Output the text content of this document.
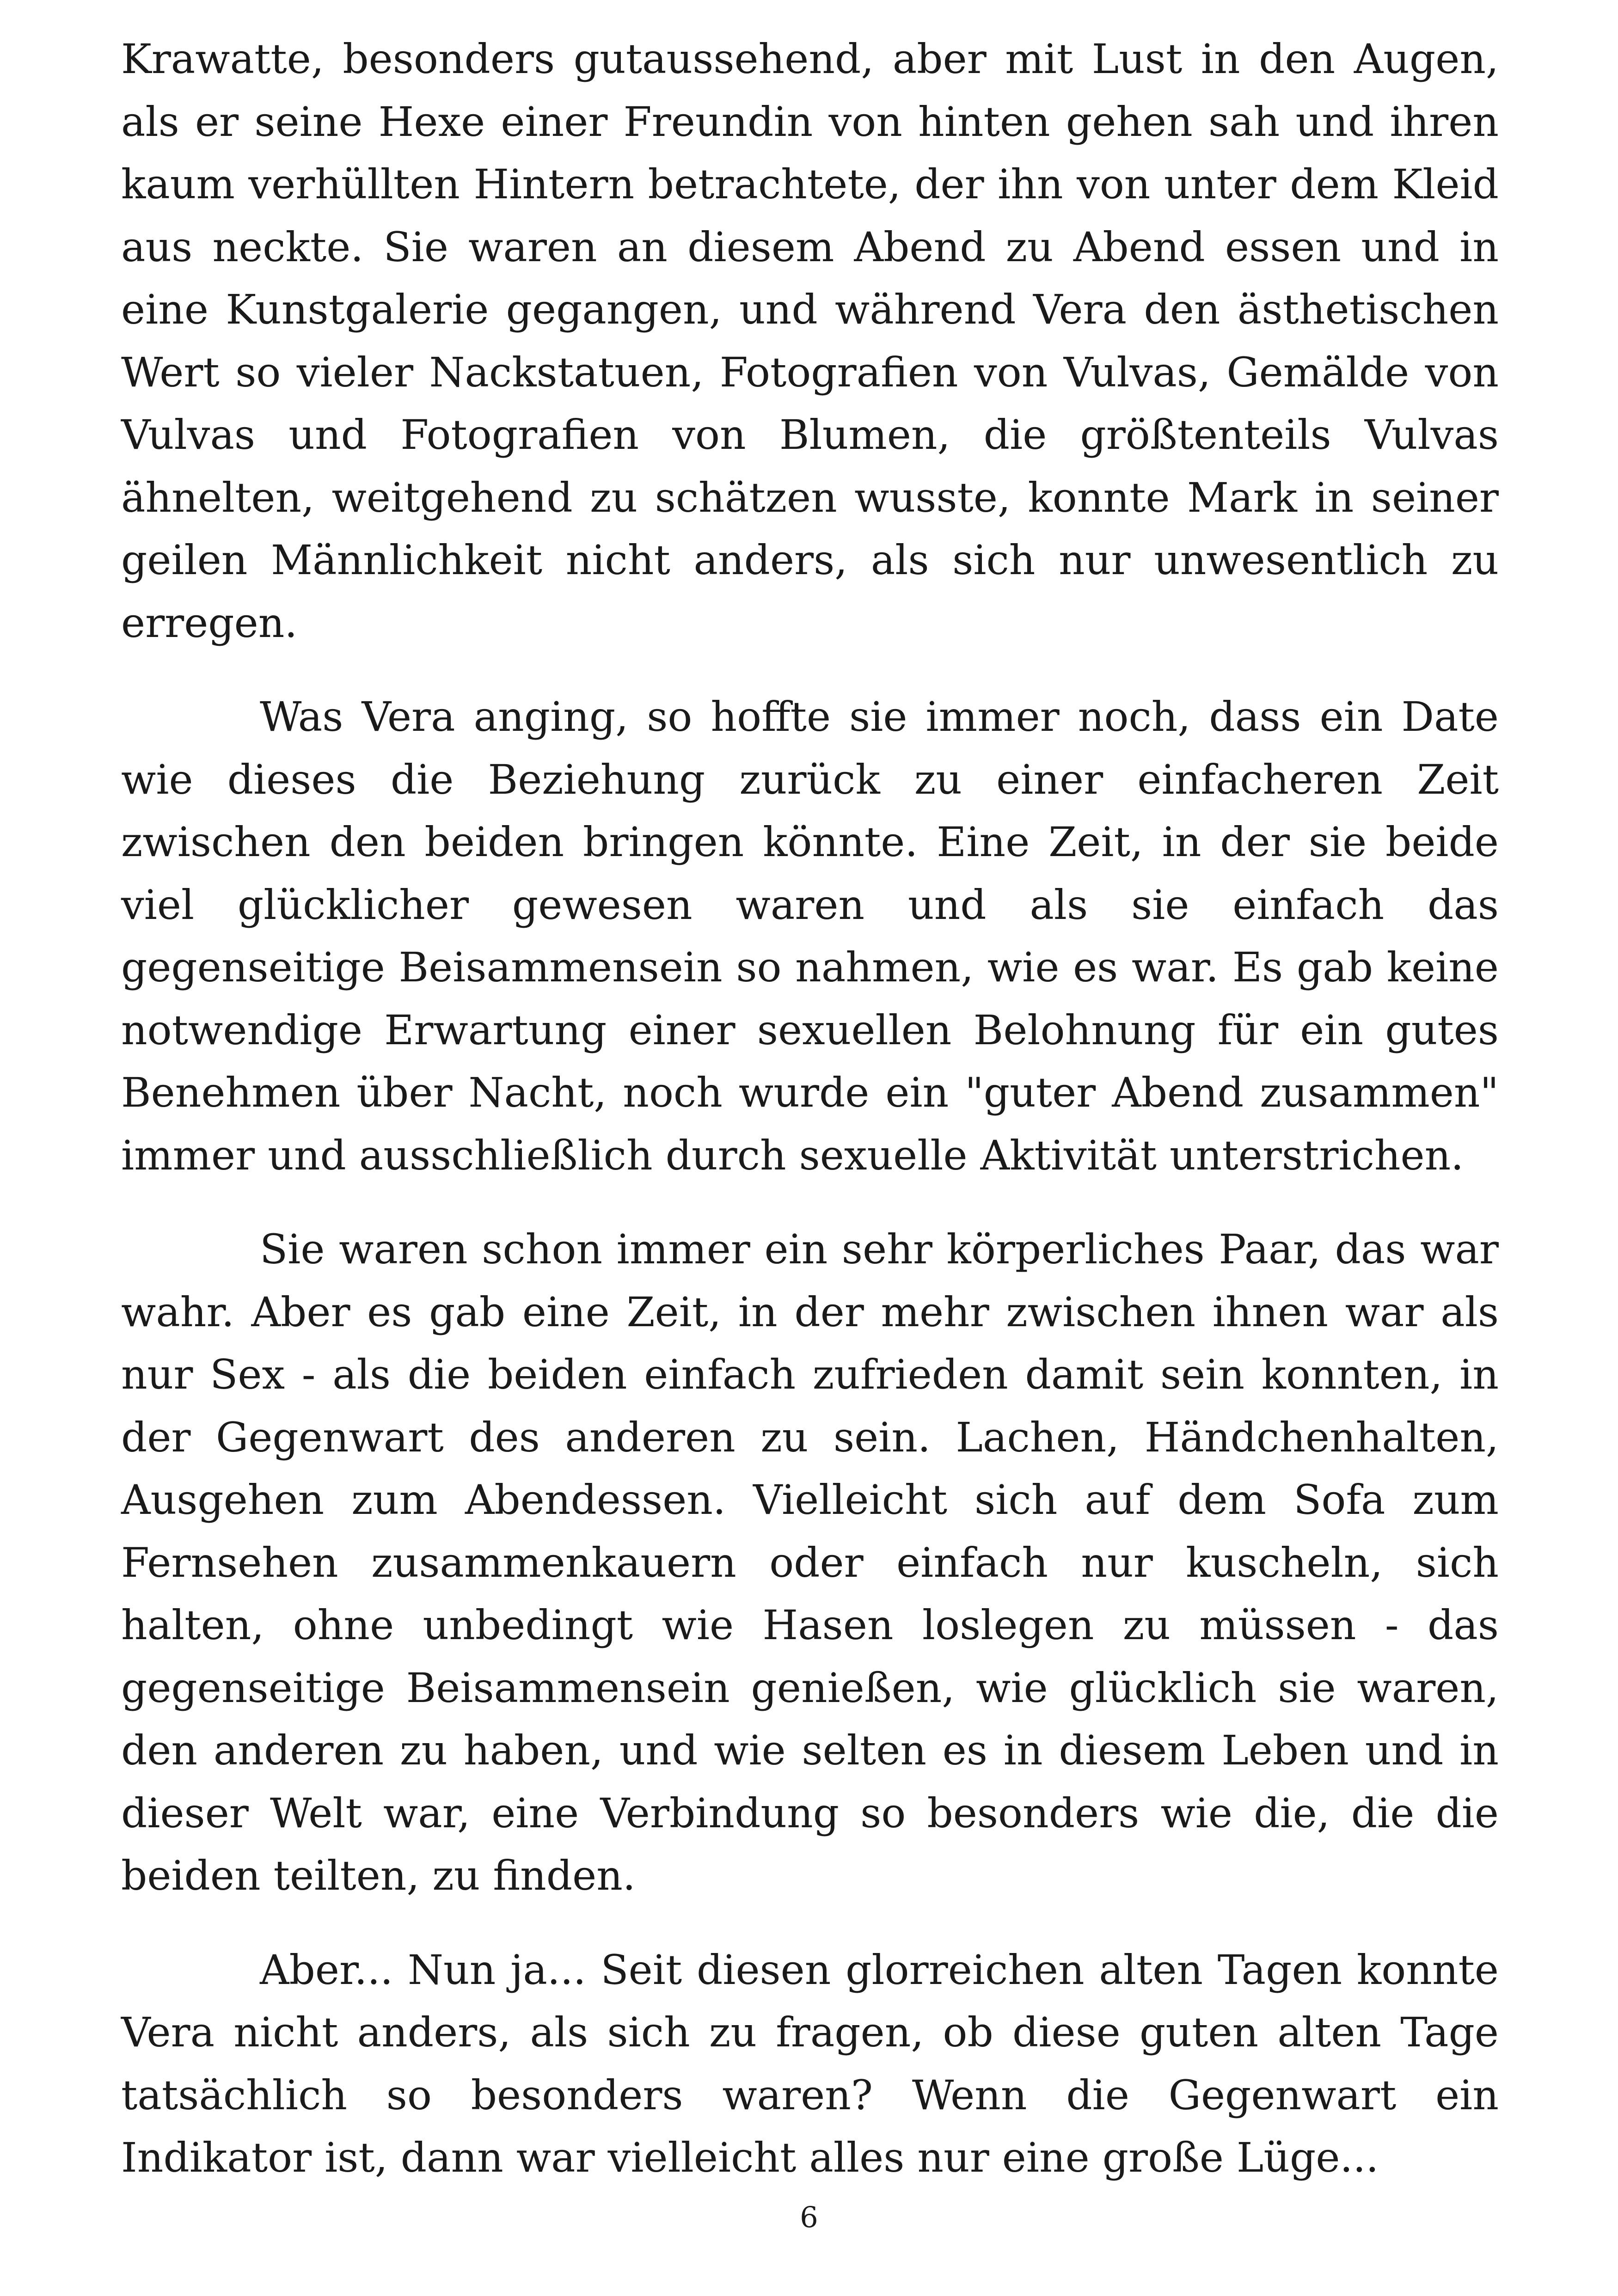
Krawatte, besonders gutaussehend, aber mit Lust in den Augen, als er seine Hexe einer Freundin von hinten gehen sah und ihren kaum verhüllten Hintern betrachtete, der ihn von unter dem Kleid aus neckte. Sie waren an diesem Abend zu Abend essen und in eine Kunstgalerie gegangen, und während Vera den ästhetischen Wert so vieler Nackstatuen, Fotografien von Vulvas, Gemälde von Vulvas und Fotografien von Blumen, die größtenteils Vulvas ähnelten, weitgehend zu schätzen wusste, konnte Mark in seiner geilen Männlichkeit nicht anders, als sich nur unwesentlich zu erregen.

Was Vera anging, so hoffte sie immer noch, dass ein Date wie dieses die Beziehung zurück zu einer einfacheren Zeit zwischen den beiden bringen könnte. Eine Zeit, in der sie beide viel glücklicher gewesen waren und als sie einfach das gegenseitige Beisammensein so nahmen, wie es war. Es gab keine notwendige Erwartung einer sexuellen Belohnung für ein gutes Benehmen über Nacht, noch wurde ein "guter Abend zusammen" immer und ausschließlich durch sexuelle Aktivität unterstrichen.

Sie waren schon immer ein sehr körperliches Paar, das war wahr. Aber es gab eine Zeit, in der mehr zwischen ihnen war als nur Sex - als die beiden einfach zufrieden damit sein konnten, in der Gegenwart des anderen zu sein. Lachen, Händchenhalten, Ausgehen zum Abendessen. Vielleicht sich auf dem Sofa zum Fernsehen zusammenkauern oder einfach nur kuscheln, sich halten, ohne unbedingt wie Hasen loslegen zu müssen - das gegenseitige Beisammensein genießen, wie glücklich sie waren, den anderen zu haben, und wie selten es in diesem Leben und in dieser Welt war, eine Verbindung so besonders wie die, die die beiden teilten, zu finden.

Aber... Nun ja... Seit diesen glorreichen alten Tagen konnte Vera nicht anders, als sich zu fragen, ob diese guten alten Tage tatsächlich so besonders waren? Wenn die Gegenwart ein Indikator ist, dann war vielleicht alles nur eine große Lüge...

6
